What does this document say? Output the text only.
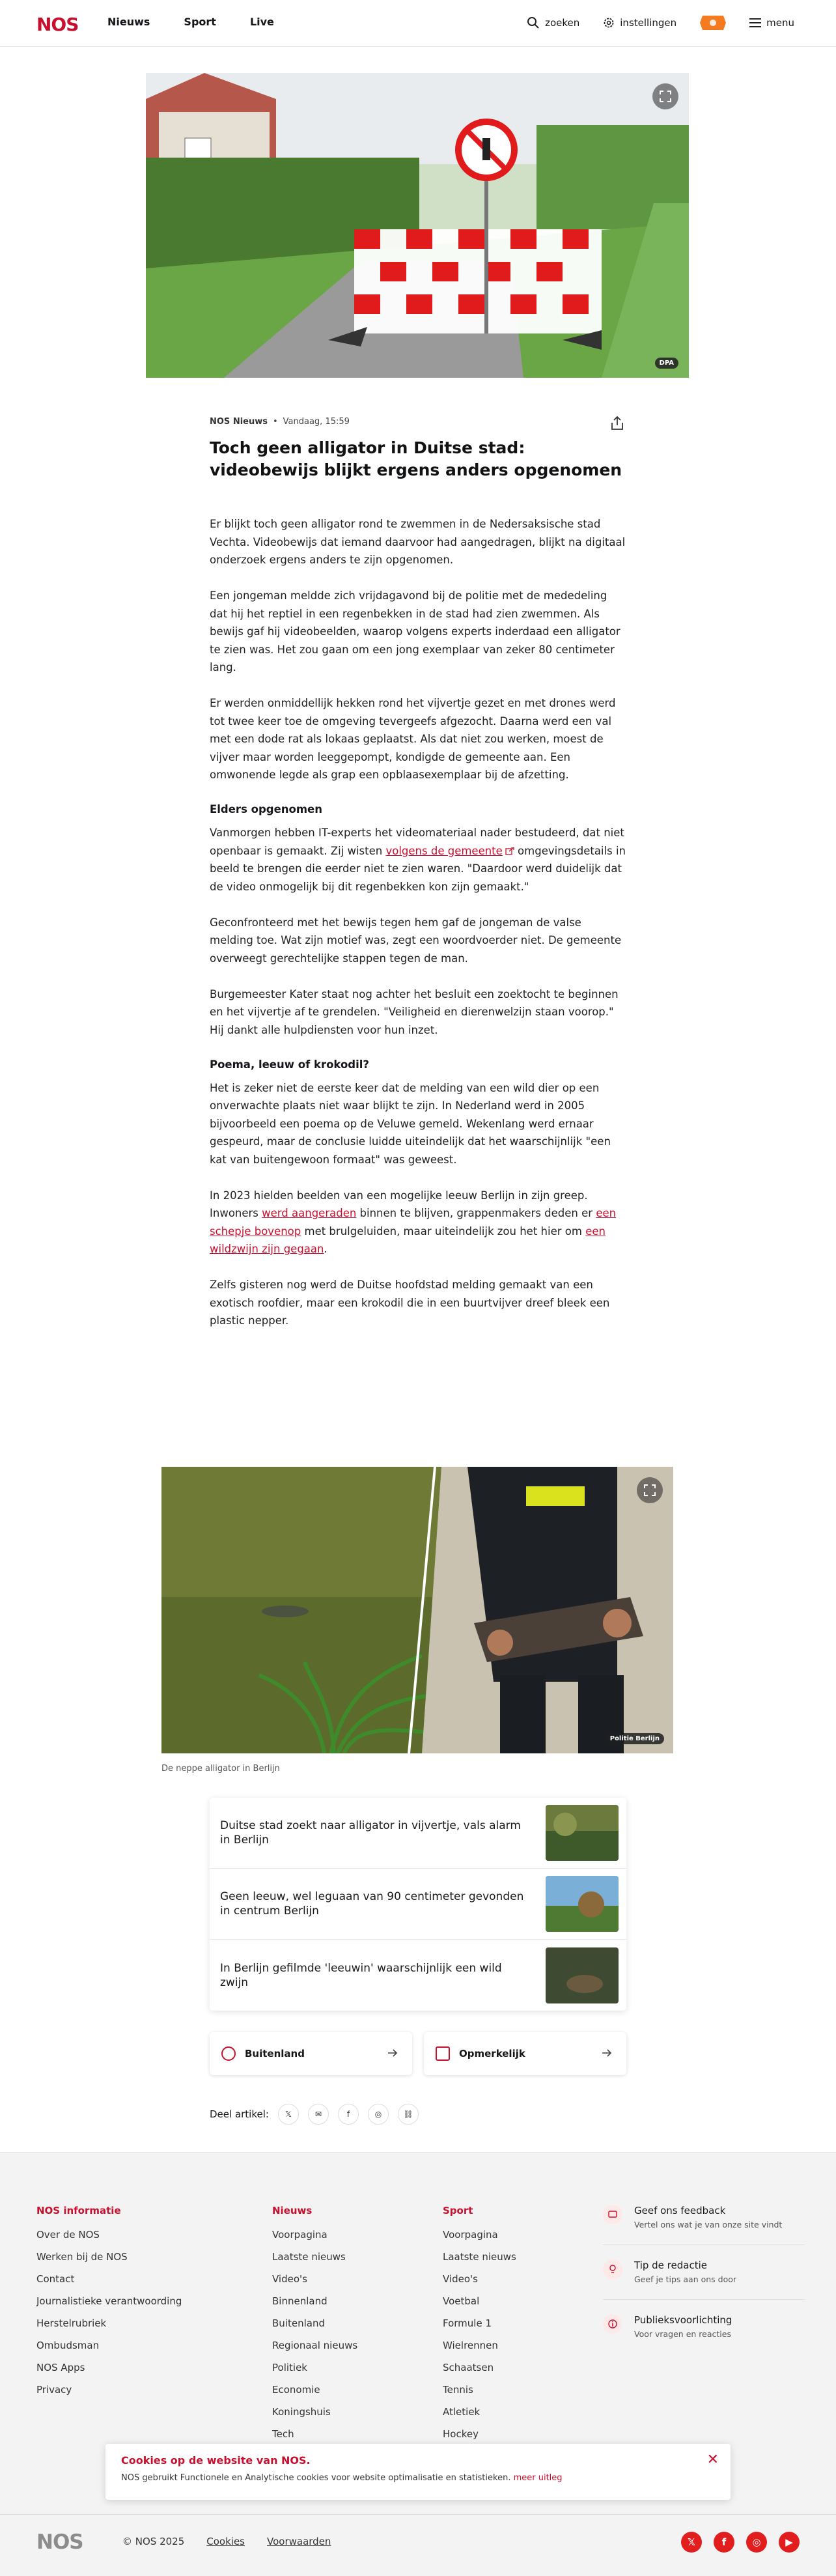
NOS	Nieuws	Sport	Live	zoeken	instellingen	menu
DPA
NOS Nieuws • Vandaag, 15:59
Toch geen alligator in Duitse stad: videobewijs blijkt ergens anders opgenomen

Er blijkt toch geen alligator rond te zwemmen in de Nedersaksische stad Vechta. Videobewijs dat iemand daarvoor had aangedragen, blijkt na digitaal onderzoek ergens anders te zijn opgenomen.

Een jongeman meldde zich vrijdagavond bij de politie met de mededeling dat hij het reptiel in een regenbekken in de stad had zien zwemmen. Als bewijs gaf hij videobeelden, waarop volgens experts inderdaad een alligator te zien was. Het zou gaan om een jong exemplaar van zeker 80 centimeter lang.

Er werden onmiddellijk hekken rond het vijvertje gezet en met drones werd tot twee keer toe de omgeving tevergeefs afgezocht. Daarna werd een val met een dode rat als lokaas geplaatst. Als dat niet zou werken, moest de vijver maar worden leeggepompt, kondigde de gemeente aan. Een omwonende legde als grap een opblaasexemplaar bij de afzetting.

Elders opgenomen

Vanmorgen hebben IT-experts het videomateriaal nader bestudeerd, dat niet openbaar is gemaakt. Zij wisten volgens de gemeente omgevingsdetails in beeld te brengen die eerder niet te zien waren. "Daardoor werd duidelijk dat de video onmogelijk bij dit regenbekken kon zijn gemaakt."

Geconfronteerd met het bewijs tegen hem gaf de jongeman de valse melding toe. Wat zijn motief was, zegt een woordvoerder niet. De gemeente overweegt gerechtelijke stappen tegen de man.

Burgemeester Kater staat nog achter het besluit een zoektocht te beginnen en het vijvertje af te grendelen. "Veiligheid en dierenwelzijn staan voorop." Hij dankt alle hulpdiensten voor hun inzet.

Poema, leeuw of krokodil?

Het is zeker niet de eerste keer dat de melding van een wild dier op een onverwachte plaats niet waar blijkt te zijn. In Nederland werd in 2005 bijvoorbeeld een poema op de Veluwe gemeld. Wekenlang werd ernaar gespeurd, maar de conclusie luidde uiteindelijk dat het waarschijnlijk "een kat van buitengewoon formaat" was geweest.

In 2023 hielden beelden van een mogelijke leeuw Berlijn in zijn greep. Inwoners werd aangeraden binnen te blijven, grappenmakers deden er een schepje bovenop met brulgeluiden, maar uiteindelijk zou het hier om een wildzwijn zijn gegaan.

Zelfs gisteren nog werd de Duitse hoofdstad melding gemaakt van een exotisch roofdier, maar een krokodil die in een buurtvijver dreef bleek een plastic nepper.

Politie Berlijn
De neppe alligator in Berlijn
Duitse stad zoekt naar alligator in vijvertje, vals alarm in Berlijn
Geen leeuw, wel leguaan van 90 centimeter gevonden in centrum Berlijn
In Berlijn gefilmde 'leeuwin' waarschijnlijk een wild zwijn
Buitenland	Opmerkelijk
Deel artikel:	𝕏	✉	f	◎	⛓
NOS informatie
Over de NOS
Werken bij de NOS
Contact
Journalistieke verantwoording
Herstelrubriek
Ombudsman
NOS Apps
Privacy
Nieuws
Voorpagina
Laatste nieuws
Video's
Binnenland
Buitenland
Regionaal nieuws
Politiek
Economie
Koningshuis
Tech
Sport
Voorpagina
Laatste nieuws
Video's
Voetbal
Formule 1
Wielrennen
Schaatsen
Tennis
Atletiek
Hockey
Geef ons feedback
Vertel ons wat je van onze site vindt
Tip de redactie
Geef je tips aan ons door
Publieksvoorlichting
Voor vragen en reacties
Cookies op de website van NOS.

NOS gebruikt Functionele en Analytische cookies voor website optimalisatie en statistieken. meer uitleg

✕
NOS	© NOS 2025 Cookies Voorwaarden	𝕏	f	◎	▶
